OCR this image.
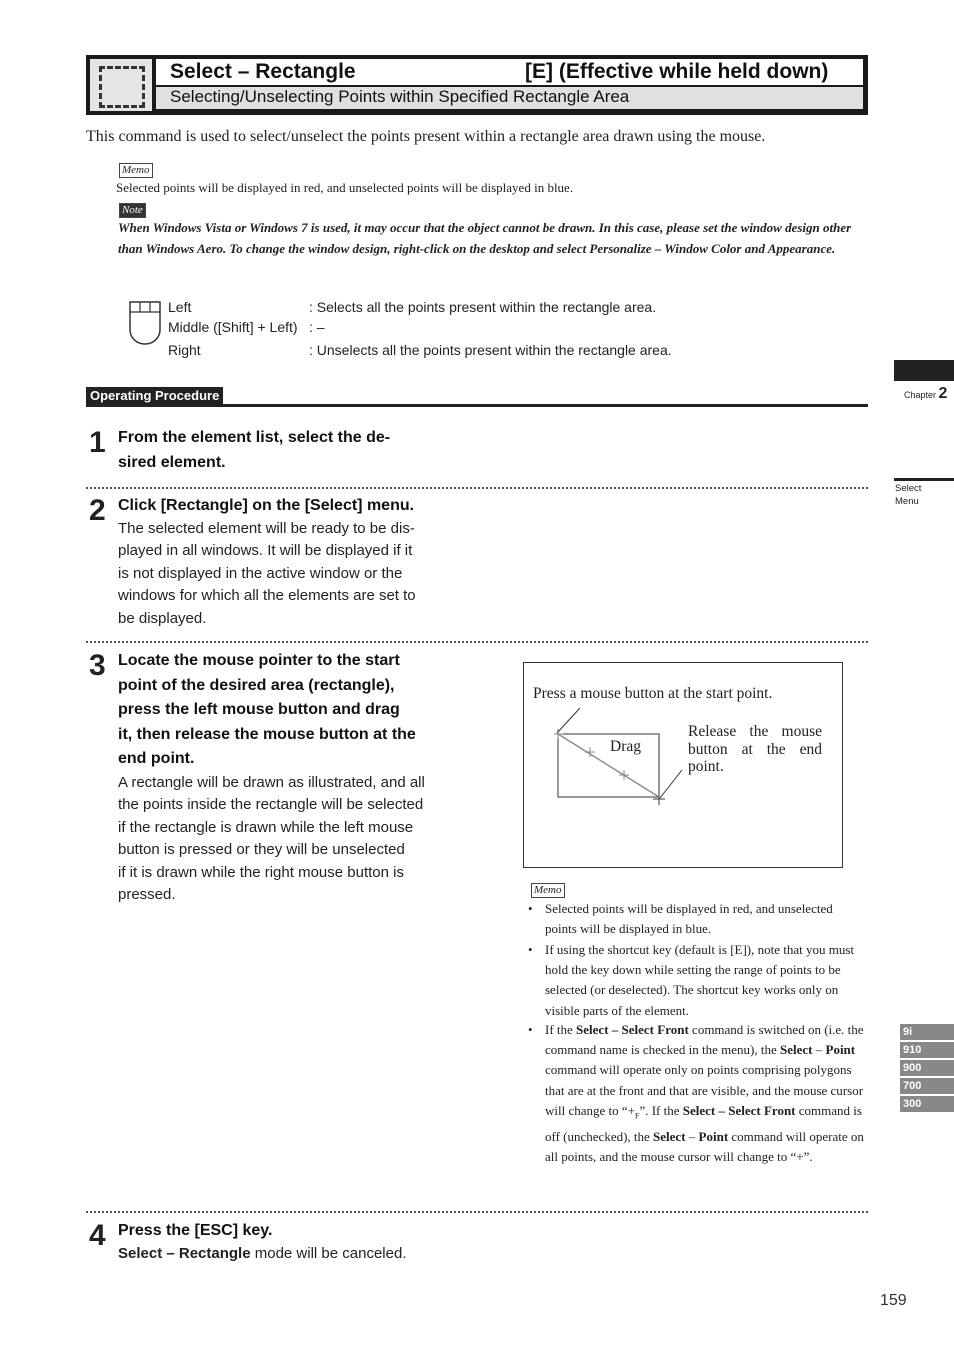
Select – Rectangle	[E] (Effective while held down)
Selecting/Unselecting Points within Specified Rectangle Area
This command is used to select/unselect the points present within a rectangle area drawn using the mouse.
Memo
Selected points will be displayed in red, and unselected points will be displayed in blue.
Note
When Windows Vista or Windows 7 is used, it may occur that the object cannot be drawn. In this case, please set the window design other than Windows Aero. To change the window design, right-click on the desktop and select Personalize – Window Color and Appearance.
Left	: Selects all the points present within the rectangle area.
Middle ([Shift] + Left) : –
Right	: Unselects all the points present within the rectangle area.
Operating Procedure
1 From the element list, select the de-
sired element.
2 Click [Rectangle] on the [Select] menu.
The selected element will be ready to be dis-
played in all windows. It will be displayed if it
is not displayed in the active window or the
windows for which all the elements are set to
be displayed.
3 Locate the mouse pointer to the start
point of the desired area (rectangle),
press the left mouse button and drag
it, then release the mouse button at the
end point.
A rectangle will be drawn as illustrated, and all
the points inside the rectangle will be selected
if the rectangle is drawn while the left mouse
button is pressed or they will be unselected
if it is drawn while the right mouse button is
pressed.
Press a mouse button at the start point.
Drag
Release the mouse button at the end point.
Memo
• Selected points will be displayed in red, and unselected points will be displayed in blue.
• If using the shortcut key (default is [E]), note that you must hold the key down while setting the range of points to be selected (or deselected). The shortcut key works only on visible parts of the element.
• If the Select – Select Front command is switched on (i.e. the command name is checked in the menu), the Select – Point command will operate only on points comprising polygons that are at the front and that are visible, and the mouse cursor will change to “$+_F$”. If the Select – Select Front command is off (unchecked), the Select – Point command will operate on all points, and the mouse cursor will change to “+”.
4 Press the [ESC] key.
Select – Rectangle mode will be canceled.
Chapter 2
Select
Menu
9i
910
900
700
300
159
